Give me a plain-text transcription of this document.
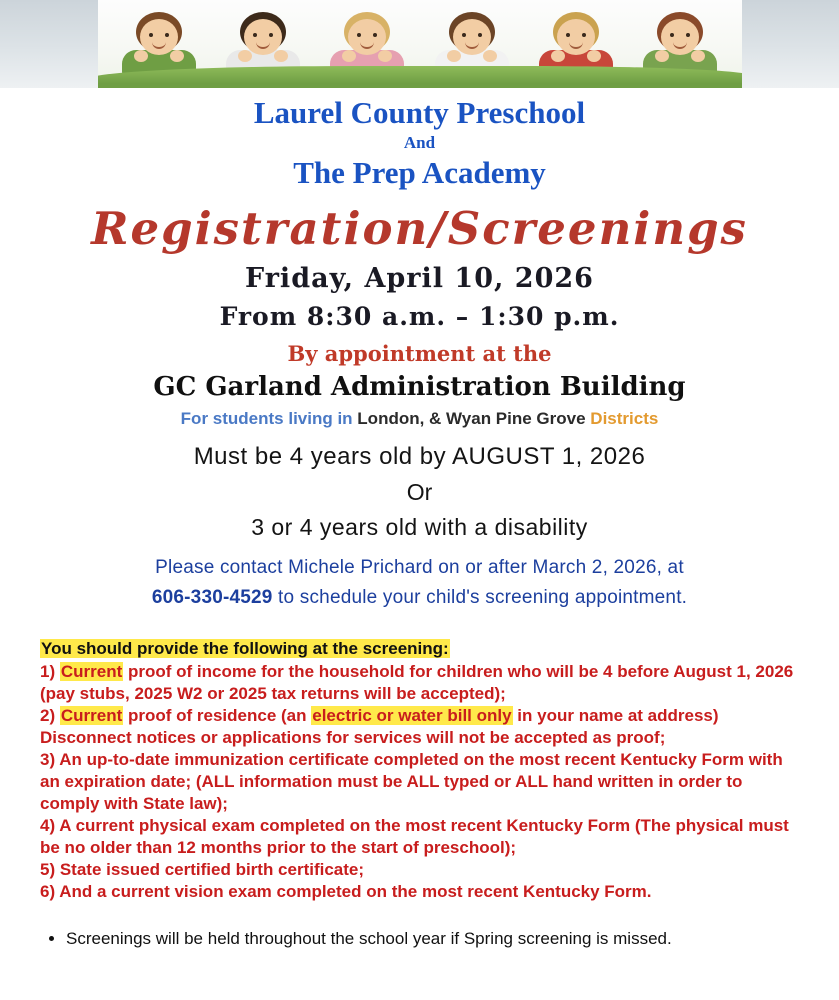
Laurel County Preschool
And
The Prep Academy
Registration/Screenings
Friday, April 10, 2026
From 8:30 a.m. – 1:30 p.m.
By appointment at the
GC Garland Administration Building
For students living in London, & Wyan Pine Grove Districts
Must be 4 years old by AUGUST 1, 2026
Or
3 or 4 years old with a disability
Please contact Michele Prichard on or after March 2, 2026, at
606-330-4529 to schedule your child's screening appointment.

You should provide the following at the screening:

1) Current proof of income for the household for children who will be 4 before August 1, 2026 (pay stubs, 2025 W2 or 2025 tax returns will be accepted);

2) Current proof of residence (an electric or water bill only in your name at address) Disconnect notices or applications for services will not be accepted as proof;

3) An up-to-date immunization certificate completed on the most recent Kentucky Form with an expiration date; (ALL information must be ALL typed or ALL hand written in order to comply with State law);

4) A current physical exam completed on the most recent Kentucky Form (The physical must be no older than 12 months prior to the start of preschool);

5) State issued certified birth certificate;

6) And a current vision exam completed on the most recent Kentucky Form.

• Screenings will be held throughout the school year if Spring screening is missed.
